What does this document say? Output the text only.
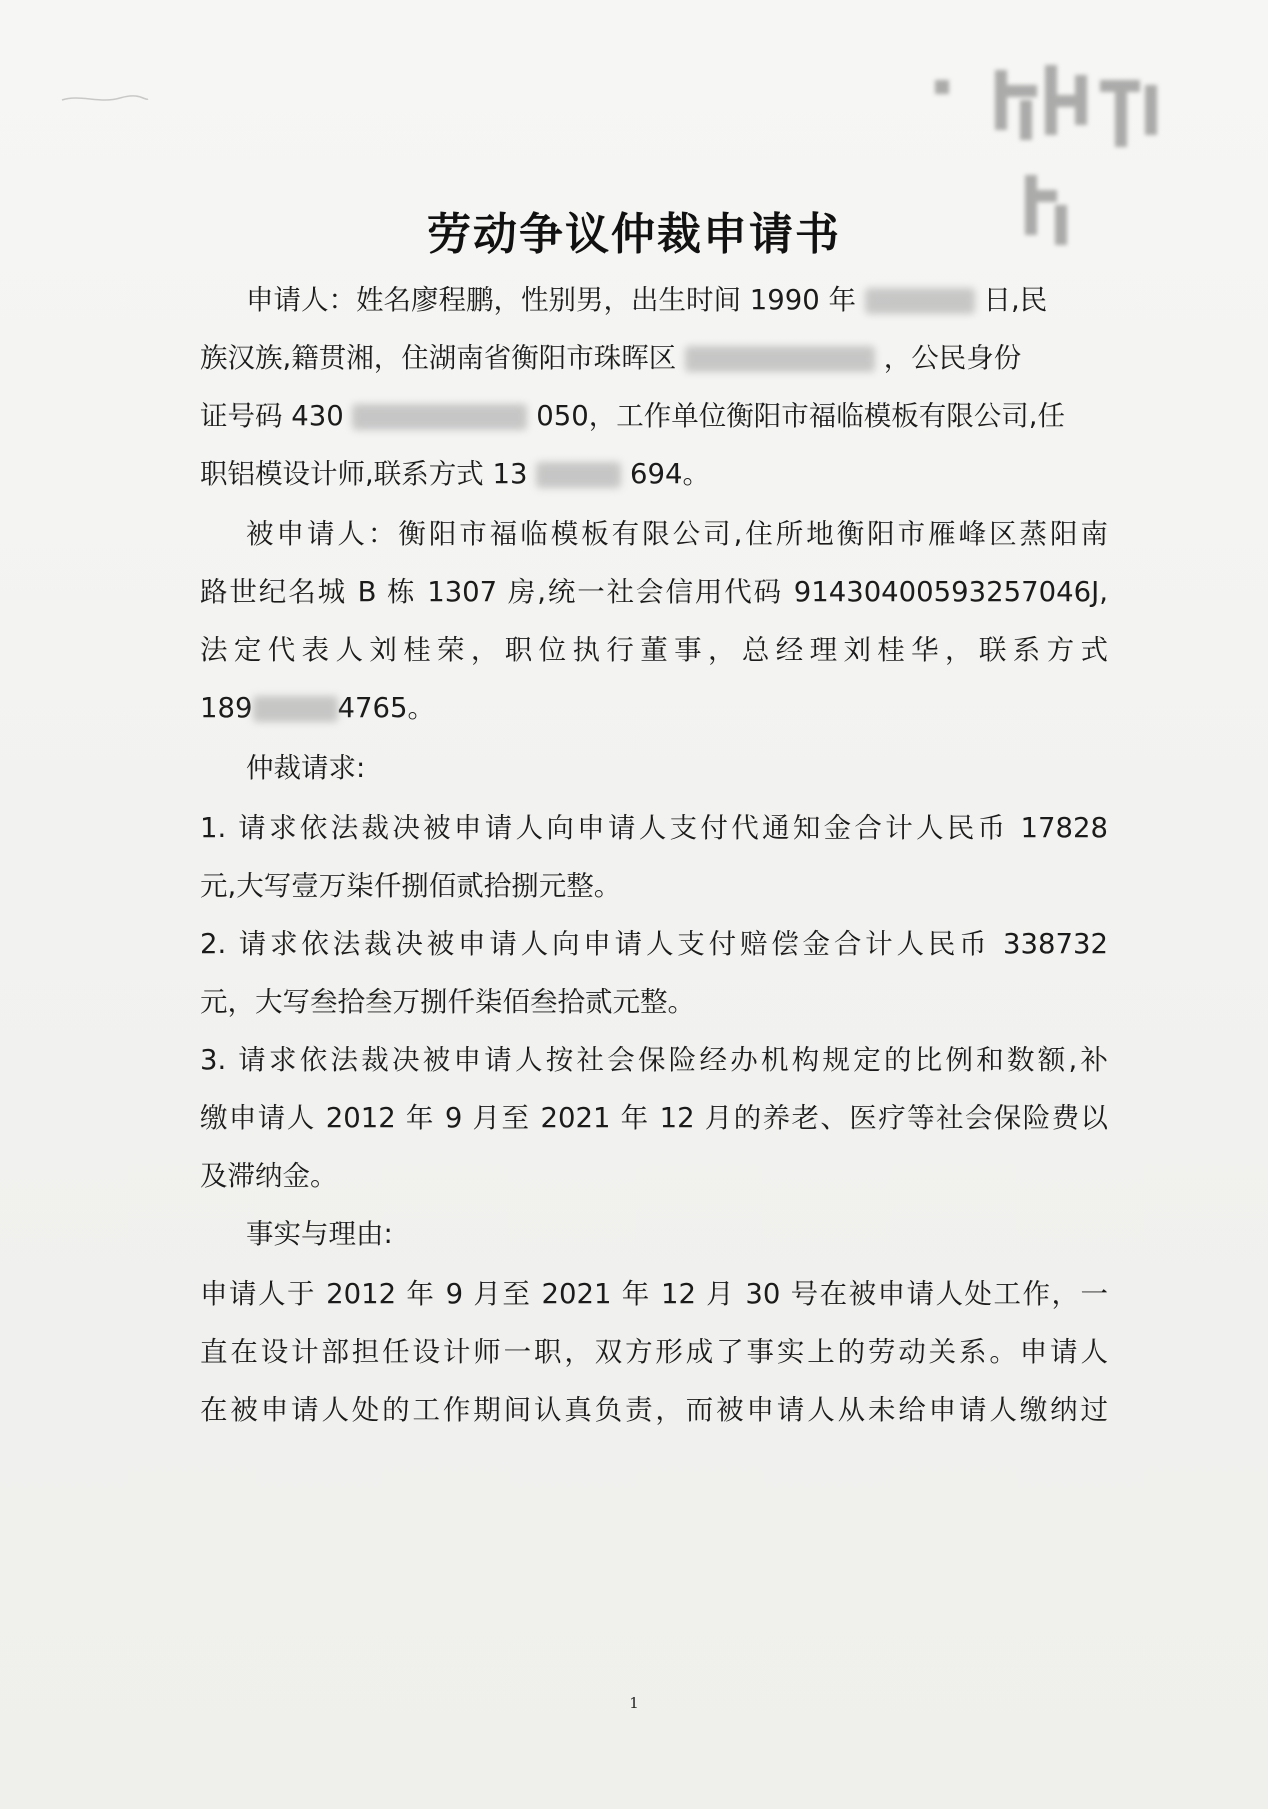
劳动争议仲裁申请书
申请人：姓名廖程鹏，性别男，出生时间 1990 年	日,民
族汉族,籍贯湘，住湖南省衡阳市珠晖区	，公民身份
证号码 430	050，工作单位衡阳市福临模板有限公司,任
职铝模设计师,联系方式 13	694。
被申请人：衡阳市福临模板有限公司,住所地衡阳市雁峰区蒸阳南
路世纪名城 B 栋 1307 房,统一社会信用代码 91430400593257046J,
法定代表人刘桂荣，职位执行董事，总经理刘桂华，联系方式
189	4765。
仲裁请求:
1. 请求依法裁决被申请人向申请人支付代通知金合计人民币 17828
元,大写壹万柒仟捌佰贰拾捌元整。
2. 请求依法裁决被申请人向申请人支付赔偿金合计人民币 338732
元，大写叁拾叁万捌仟柒佰叁拾贰元整。
3. 请求依法裁决被申请人按社会保险经办机构规定的比例和数额,补
缴申请人 2012 年 9 月至 2021 年 12 月的养老、医疗等社会保险费以
及滞纳金。
事实与理由:
申请人于 2012 年 9 月至 2021 年 12 月 30 号在被申请人处工作，一
直在设计部担任设计师一职，双方形成了事实上的劳动关系。申请人
在被申请人处的工作期间认真负责，而被申请人从未给申请人缴纳过
1
